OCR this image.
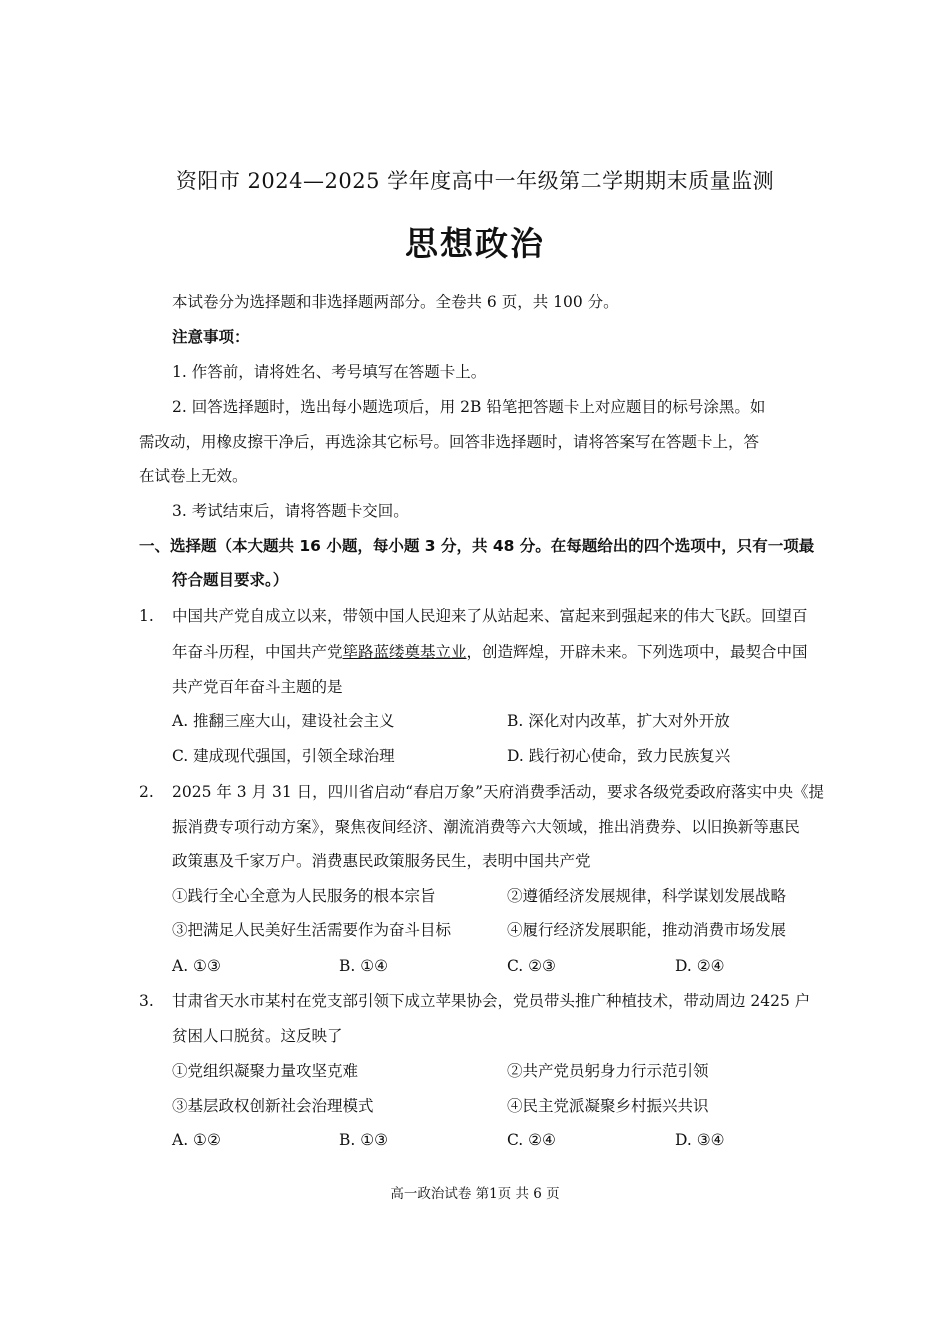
资阳市 2024—2025 学年度高中一年级第二学期期末质量监测
思想政治
本试卷分为选择题和非选择题两部分。全卷共 6 页，共 100 分。
注意事项：
1. 作答前，请将姓名、考号填写在答题卡上。
2. 回答选择题时，选出每小题选项后，用 2B 铅笔把答题卡上对应题目的标号涂黑。如
需改动，用橡皮擦干净后，再选涂其它标号。回答非选择题时，请将答案写在答题卡上，答
在试卷上无效。
3. 考试结束后，请将答题卡交回。
一、选择题（本大题共 16 小题，每小题 3 分，共 48 分。在每题给出的四个选项中，只有一项最
符合题目要求。）
1. 中国共产党自成立以来，带领中国人民迎来了从站起来、富起来到强起来的伟大飞跃。回望百
年奋斗历程，中国共产党筚路蓝缕奠基立业，创造辉煌，开辟未来。下列选项中，最契合中国
共产党百年奋斗主题的是
A. 推翻三座大山，建设社会主义	B. 深化对内改革，扩大对外开放
C. 建成现代强国，引领全球治理	D. 践行初心使命，致力民族复兴
2. 2025 年 3 月 31 日，四川省启动“春启万象”天府消费季活动，要求各级党委政府落实中央《提
振消费专项行动方案》，聚焦夜间经济、潮流消费等六大领域，推出消费券、以旧换新等惠民
政策惠及千家万户。消费惠民政策服务民生，表明中国共产党
①践行全心全意为人民服务的根本宗旨	②遵循经济发展规律，科学谋划发展战略
③把满足人民美好生活需要作为奋斗目标	④履行经济发展职能，推动消费市场发展
A. ①③	B. ①④	C. ②③	D. ②④
3. 甘肃省天水市某村在党支部引领下成立苹果协会，党员带头推广种植技术，带动周边 2425 户
贫困人口脱贫。这反映了
①党组织凝聚力量攻坚克难	②共产党员躬身力行示范引领
③基层政权创新社会治理模式	④民主党派凝聚乡村振兴共识
A. ①②	B. ①③	C. ②④	D. ③④
高一政治试卷 第1页 共 6 页
